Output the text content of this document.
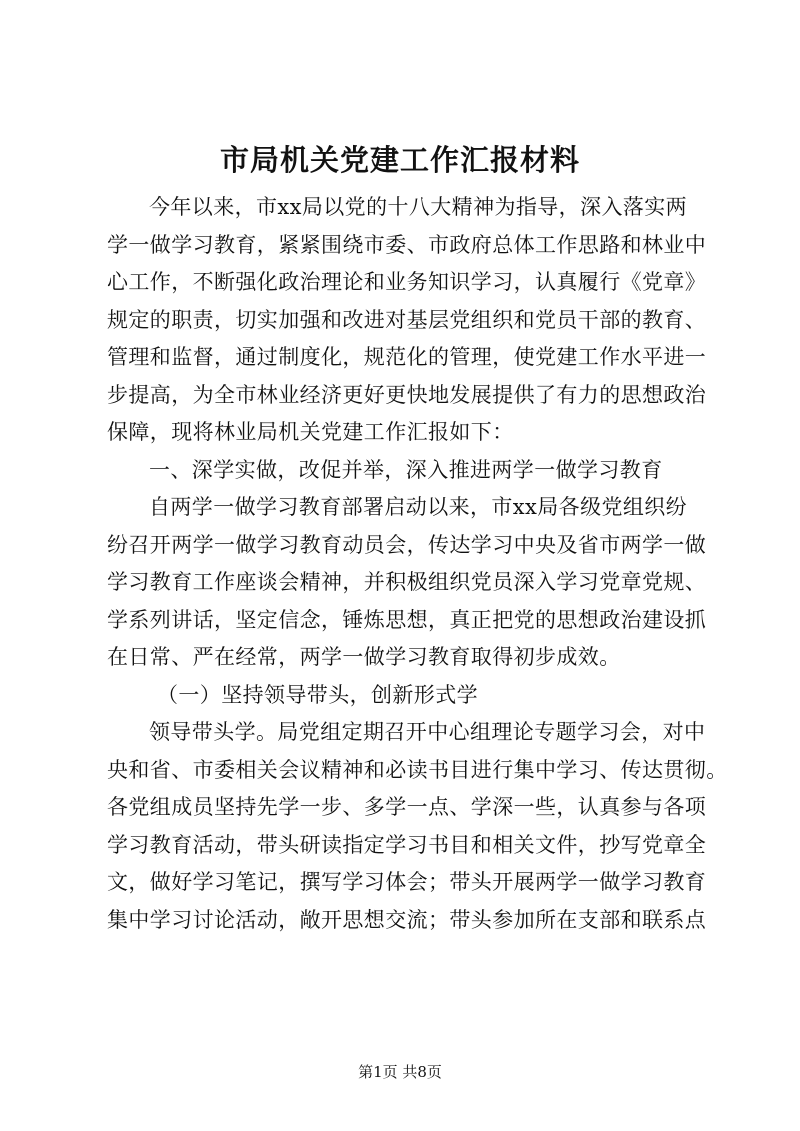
市局机关党建工作汇报材料
今年以来，市xx局以党的十八大精神为指导，深入落实两
学一做学习教育，紧紧围绕市委、市政府总体工作思路和林业中
心工作，不断强化政治理论和业务知识学习，认真履行《党章》
规定的职责，切实加强和改进对基层党组织和党员干部的教育、
管理和监督，通过制度化，规范化的管理，使党建工作水平进一
步提高，为全市林业经济更好更快地发展提供了有力的思想政治
保障，现将林业局机关党建工作汇报如下：
一、深学实做，改促并举，深入推进两学一做学习教育
自两学一做学习教育部署启动以来，市xx局各级党组织纷
纷召开两学一做学习教育动员会，传达学习中央及省市两学一做
学习教育工作座谈会精神，并积极组织党员深入学习党章党规、
学系列讲话，坚定信念，锤炼思想，真正把党的思想政治建设抓
在日常、严在经常，两学一做学习教育取得初步成效。
（一）坚持领导带头，创新形式学
领导带头学。局党组定期召开中心组理论专题学习会，对中
央和省、市委相关会议精神和必读书目进行集中学习、传达贯彻。
各党组成员坚持先学一步、多学一点、学深一些，认真参与各项
学习教育活动，带头研读指定学习书目和相关文件，抄写党章全
文，做好学习笔记，撰写学习体会；带头开展两学一做学习教育
集中学习讨论活动，敞开思想交流；带头参加所在支部和联系点
第1页 共8页
